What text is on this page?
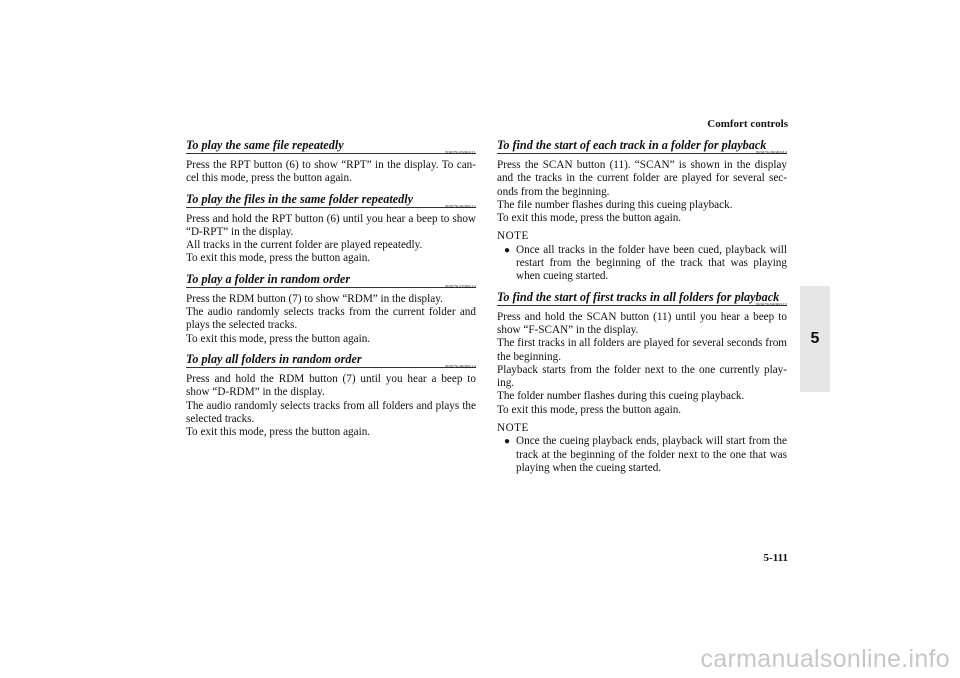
Comfort controls
To play the same file repeatedly
N00764500011

Press the RPT button (6) to show “RPT” in the display. To can-cel this mode, press the button again.

To play the files in the same folder repeatedly
N00764600012

Press and hold the RPT button (6) until you hear a beep to show “D-RPT” in the display.

All tracks in the current folder are played repeatedly.

To exit this mode, press the button again.

To play a folder in random order
N00764700013

Press the RDM button (7) to show “RDM” in the display.

The audio randomly selects tracks from the current folder and plays the selected tracks.

To exit this mode, press the button again.

To play all folders in random order
N00764800014

Press and hold the RDM button (7) until you hear a beep to show “D-RDM” in the display.

The audio randomly selects tracks from all folders and plays the selected tracks.

To exit this mode, press the button again.

To find the start of each track in a folder for playback
N00764900044

Press the SCAN button (11). “SCAN” is shown in the display and the tracks in the current folder are played for several sec-onds from the beginning.

The file number flashes during this cueing playback.

To exit this mode, press the button again.

NOTE
● Once all tracks in the folder have been cued, playback will restart from the beginning of the track that was playing when cueing started.
To find the start of first tracks in all folders for playback
N00765000013

Press and hold the SCAN button (11) until you hear a beep to show “F-SCAN” in the display.

The first tracks in all folders are played for several seconds from the beginning.

Playback starts from the folder next to the one currently play-ing.

The folder number flashes during this cueing playback.

To exit this mode, press the button again.

NOTE
● Once the cueing playback ends, playback will start from the track at the beginning of the folder next to the one that was playing when the cueing started.
5
5-111
carmanualsonline.info
